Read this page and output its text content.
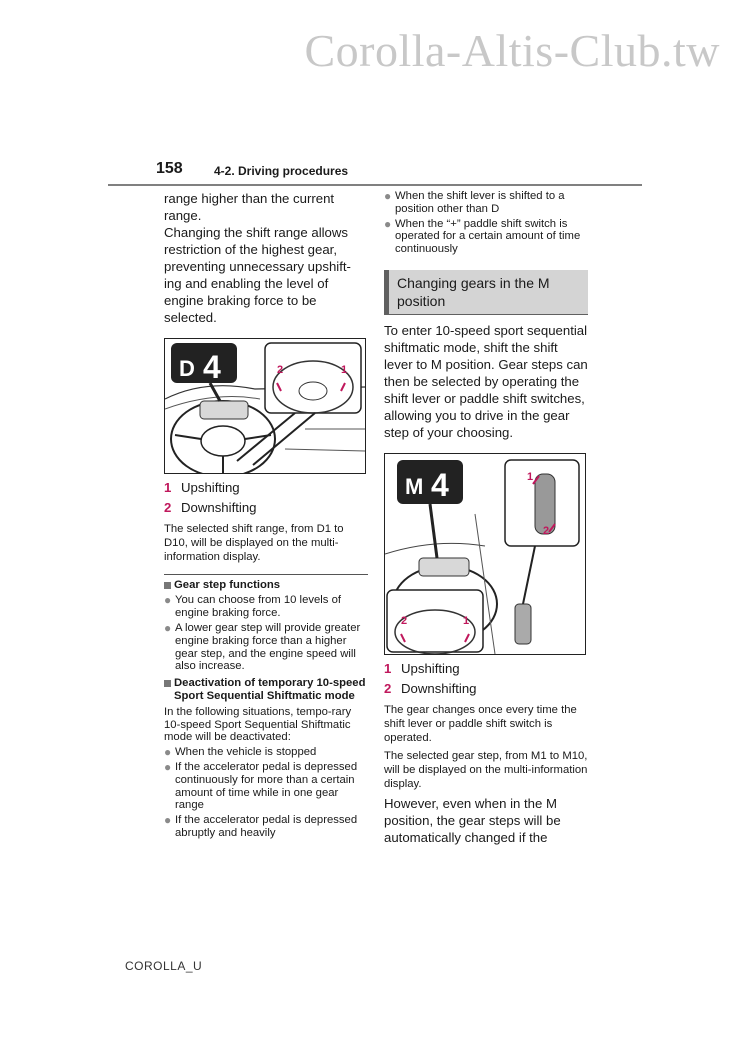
Corolla-Altis-Club.tw
158	4-2. Driving procedures

range higher than the current range.

Changing the shift range allows restriction of the highest gear, preventing unnecessary upshift-ing and enabling the level of engine braking force to be selected.

D 4	2	1
1 Upshifting
2 Downshifting

The selected shift range, from D1 to D10, will be displayed on the multi-information display.

Gear step functions
● You can choose from 10 levels of engine braking force.
● A lower gear step will provide greater engine braking force than a higher gear step, and the engine speed will also increase.
Deactivation of temporary 10-speed Sport Sequential Shiftmatic mode

In the following situations, tempo-rary 10-speed Sport Sequential Shiftmatic mode will be deactivated:

● When the vehicle is stopped
● If the accelerator pedal is depressed continuously for more than a certain amount of time while in one gear range
● If the accelerator pedal is depressed abruptly and heavily
● When the shift lever is shifted to a position other than D
● When the “+” paddle shift switch is operated for a certain amount of time continuously
Changing gears in the M position

To enter 10-speed sport sequential shiftmatic mode, shift the shift lever to M position. Gear steps can then be selected by operating the shift lever or paddle shift switches, allowing you to drive in the gear step of your choosing.

M 4	1
2
2	1
1 Upshifting
2 Downshifting

The gear changes once every time the shift lever or paddle shift switch is operated.

The selected gear step, from M1 to M10, will be displayed on the multi-information display.

However, even when in the M position, the gear steps will be automatically changed if the

COROLLA_U
